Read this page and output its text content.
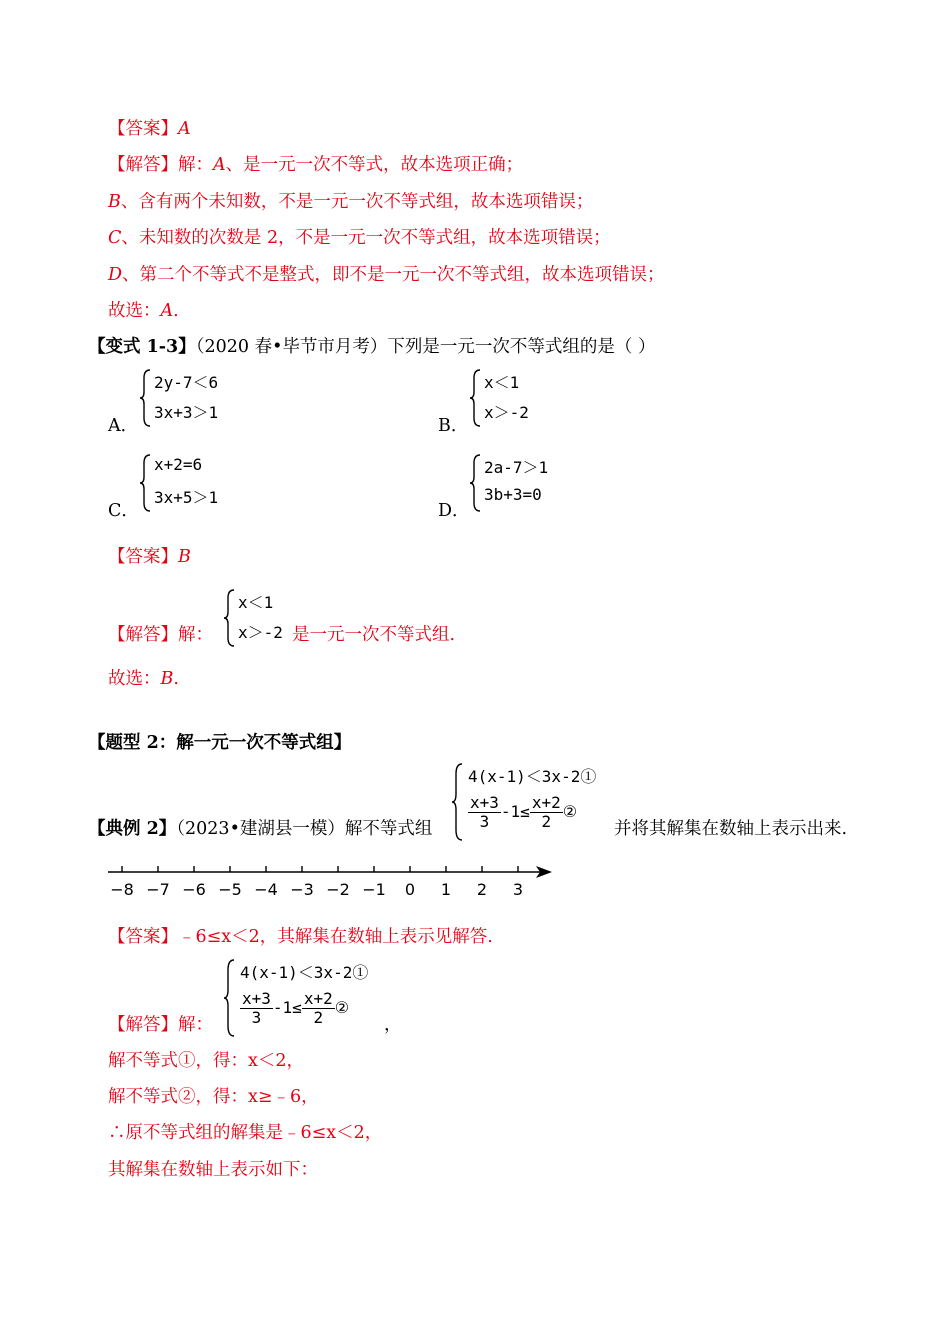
【答案】A
【解答】解：A、是一元一次不等式，故本选项正确；
B、含有两个未知数，不是一元一次不等式组，故本选项错误；
C、未知数的次数是 2，不是一元一次不等式组，故本选项错误；
D、第二个不等式不是整式，即不是一元一次不等式组，故本选项错误；
故选：A.
【变式 1-3】（2020 春•毕节市月考）下列是一元一次不等式组的是（ ）
A．
2y-7＜6
3x+3＞1
B．
x＜1
x＞-2
C．
x+2=6
3x+5＞1
D．
2a-7＞1
3b+3=0
【答案】B
【解答】解：
x＜1
x＞-2 是一元一次不等式组.
故选：B.
【题型 2：解一元一次不等式组】
【典例 2】（2023•建湖县一模）解不等式组
4(x-1)＜3x-2①
$\frac{x+3}{3} -1\le \frac{x+2}{2}$ ②
并将其解集在数轴上表示出来.
−8 −7 −6 −5 −4 −3 −2 −1 0 1 2 3
【答案】﹣6≤x＜2，其解集在数轴上表示见解答.
【解答】解：
4(x-1)＜3x-2①
$\frac{x+3}{3} -1\le \frac{x+2}{2}$ ②
，
解不等式①，得：x＜2，
解不等式②，得：x≥﹣6，
∴原不等式组的解集是﹣6≤x＜2，
其解集在数轴上表示如下：
